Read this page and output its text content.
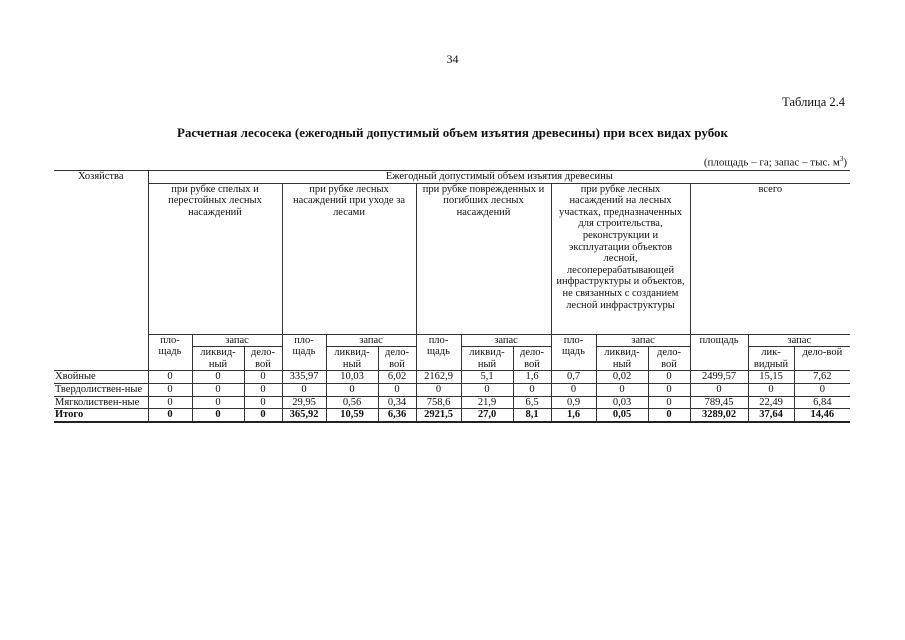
34
Таблица 2.4
Расчетная лесосека (ежегодный допустимый объем изъятия древесины) при всех видах рубок
(площадь – га; запас – тыс. $м^3$)
Хозяйства	Ежегодный допустимый объем изъятия древесины														
	при рубке спелых и перестойных лесных насаждений			при рубке лесных насаждений при уходе за лесами			при рубке поврежденных и погибших лесных насаждений			при рубке лесных насаждений на лесных участках, предназначенных для строительства, реконструкции и эксплуатации объектов лесной, лесоперерабатывающей инфраструктуры и объектов, не связанных с созданием лесной инфраструктуры			всего		
	пло-щадь	запас		пло-щадь	запас		пло-щадь	запас		пло-щадь	запас		площадь	запас	
		ликвид-ный	дело-вой		ликвид-ный	дело-вой		ликвид-ный	дело-вой		ликвид-ный	дело-вой		лик-видный	дело-вой
Хвойные	0	0	0	335,97	10,03	6,02	2162,9	5,1	1,6	0,7	0,02	0	2499,57	15,15	7,62
Твердолиствен-ные	0	0	0	0	0	0	0	0	0	0	0	0	0	0	0
Мягколиствен-ные	0	0	0	29,95	0,56	0,34	758,6	21,9	6,5	0,9	0,03	0	789,45	22,49	6,84
Итого	0	0	0	365,92	10,59	6,36	2921,5	27,0	8,1	1,6	0,05	0	3289,02	37,64	14,46
